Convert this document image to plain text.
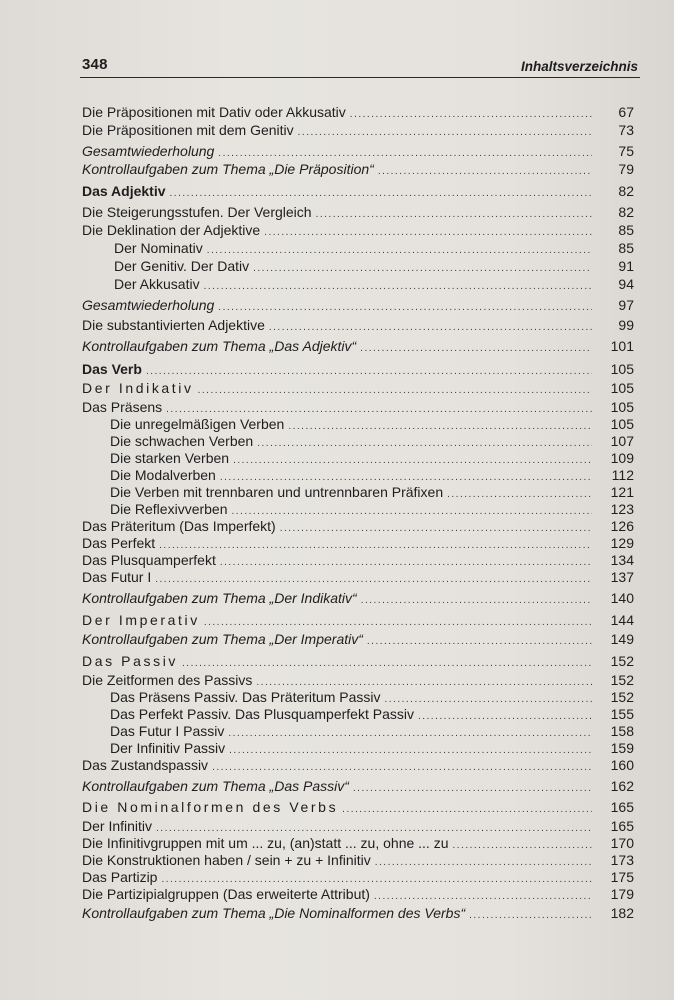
348	Inhaltsverzeichnis
Die Präpositionen mit Dativ oder Akkusativ .....	67
Die Präpositionen mit dem Genitiv .....	73
Gesamtwiederholung .....	75
Kontrollaufgaben zum Thema „Die Präposition“ .....	79
Das Adjektiv .....	82
Die Steigerungsstufen. Der Vergleich .....	82
Die Deklination der Adjektive .....	85
Der Nominativ .....	85
Der Genitiv. Der Dativ .....	91
Der Akkusativ .....	94
Gesamtwiederholung .....	97
Die substantivierten Adjektive .....	99
Kontrollaufgaben zum Thema „Das Adjektiv“ .....	101
Das Verb .....	105
Der Indikativ .....	105
Das Präsens .....	105
Die unregelmäßigen Verben .....	105
Die schwachen Verben .....	107
Die starken Verben .....	109
Die Modalverben .....	112
Die Verben mit trennbaren und untrennbaren Präfixen .....	121
Die Reflexivverben .....	123
Das Präteritum (Das Imperfekt) .....	126
Das Perfekt .....	129
Das Plusquamperfekt .....	134
Das Futur I .....	137
Kontrollaufgaben zum Thema „Der Indikativ“ .....	140
Der Imperativ .....	144
Kontrollaufgaben zum Thema „Der Imperativ“ .....	149
Das Passiv .....	152
Die Zeitformen des Passivs .....	152
Das Präsens Passiv. Das Präteritum Passiv .....	152
Das Perfekt Passiv. Das Plusquamperfekt Passiv .....	155
Das Futur I Passiv .....	158
Der Infinitiv Passiv .....	159
Das Zustandspassiv .....	160
Kontrollaufgaben zum Thema „Das Passiv“ .....	162
Die Nominalformen des Verbs .....	165
Der Infinitiv .....	165
Die Infinitivgruppen mit um ... zu, (an)statt ... zu, ohne ... zu .....	170
Die Konstruktionen haben / sein + zu + Infinitiv .....	173
Das Partizip .....	175
Die Partizipialgruppen (Das erweiterte Attribut) .....	179
Kontrollaufgaben zum Thema „Die Nominalformen des Verbs“ .....	182
